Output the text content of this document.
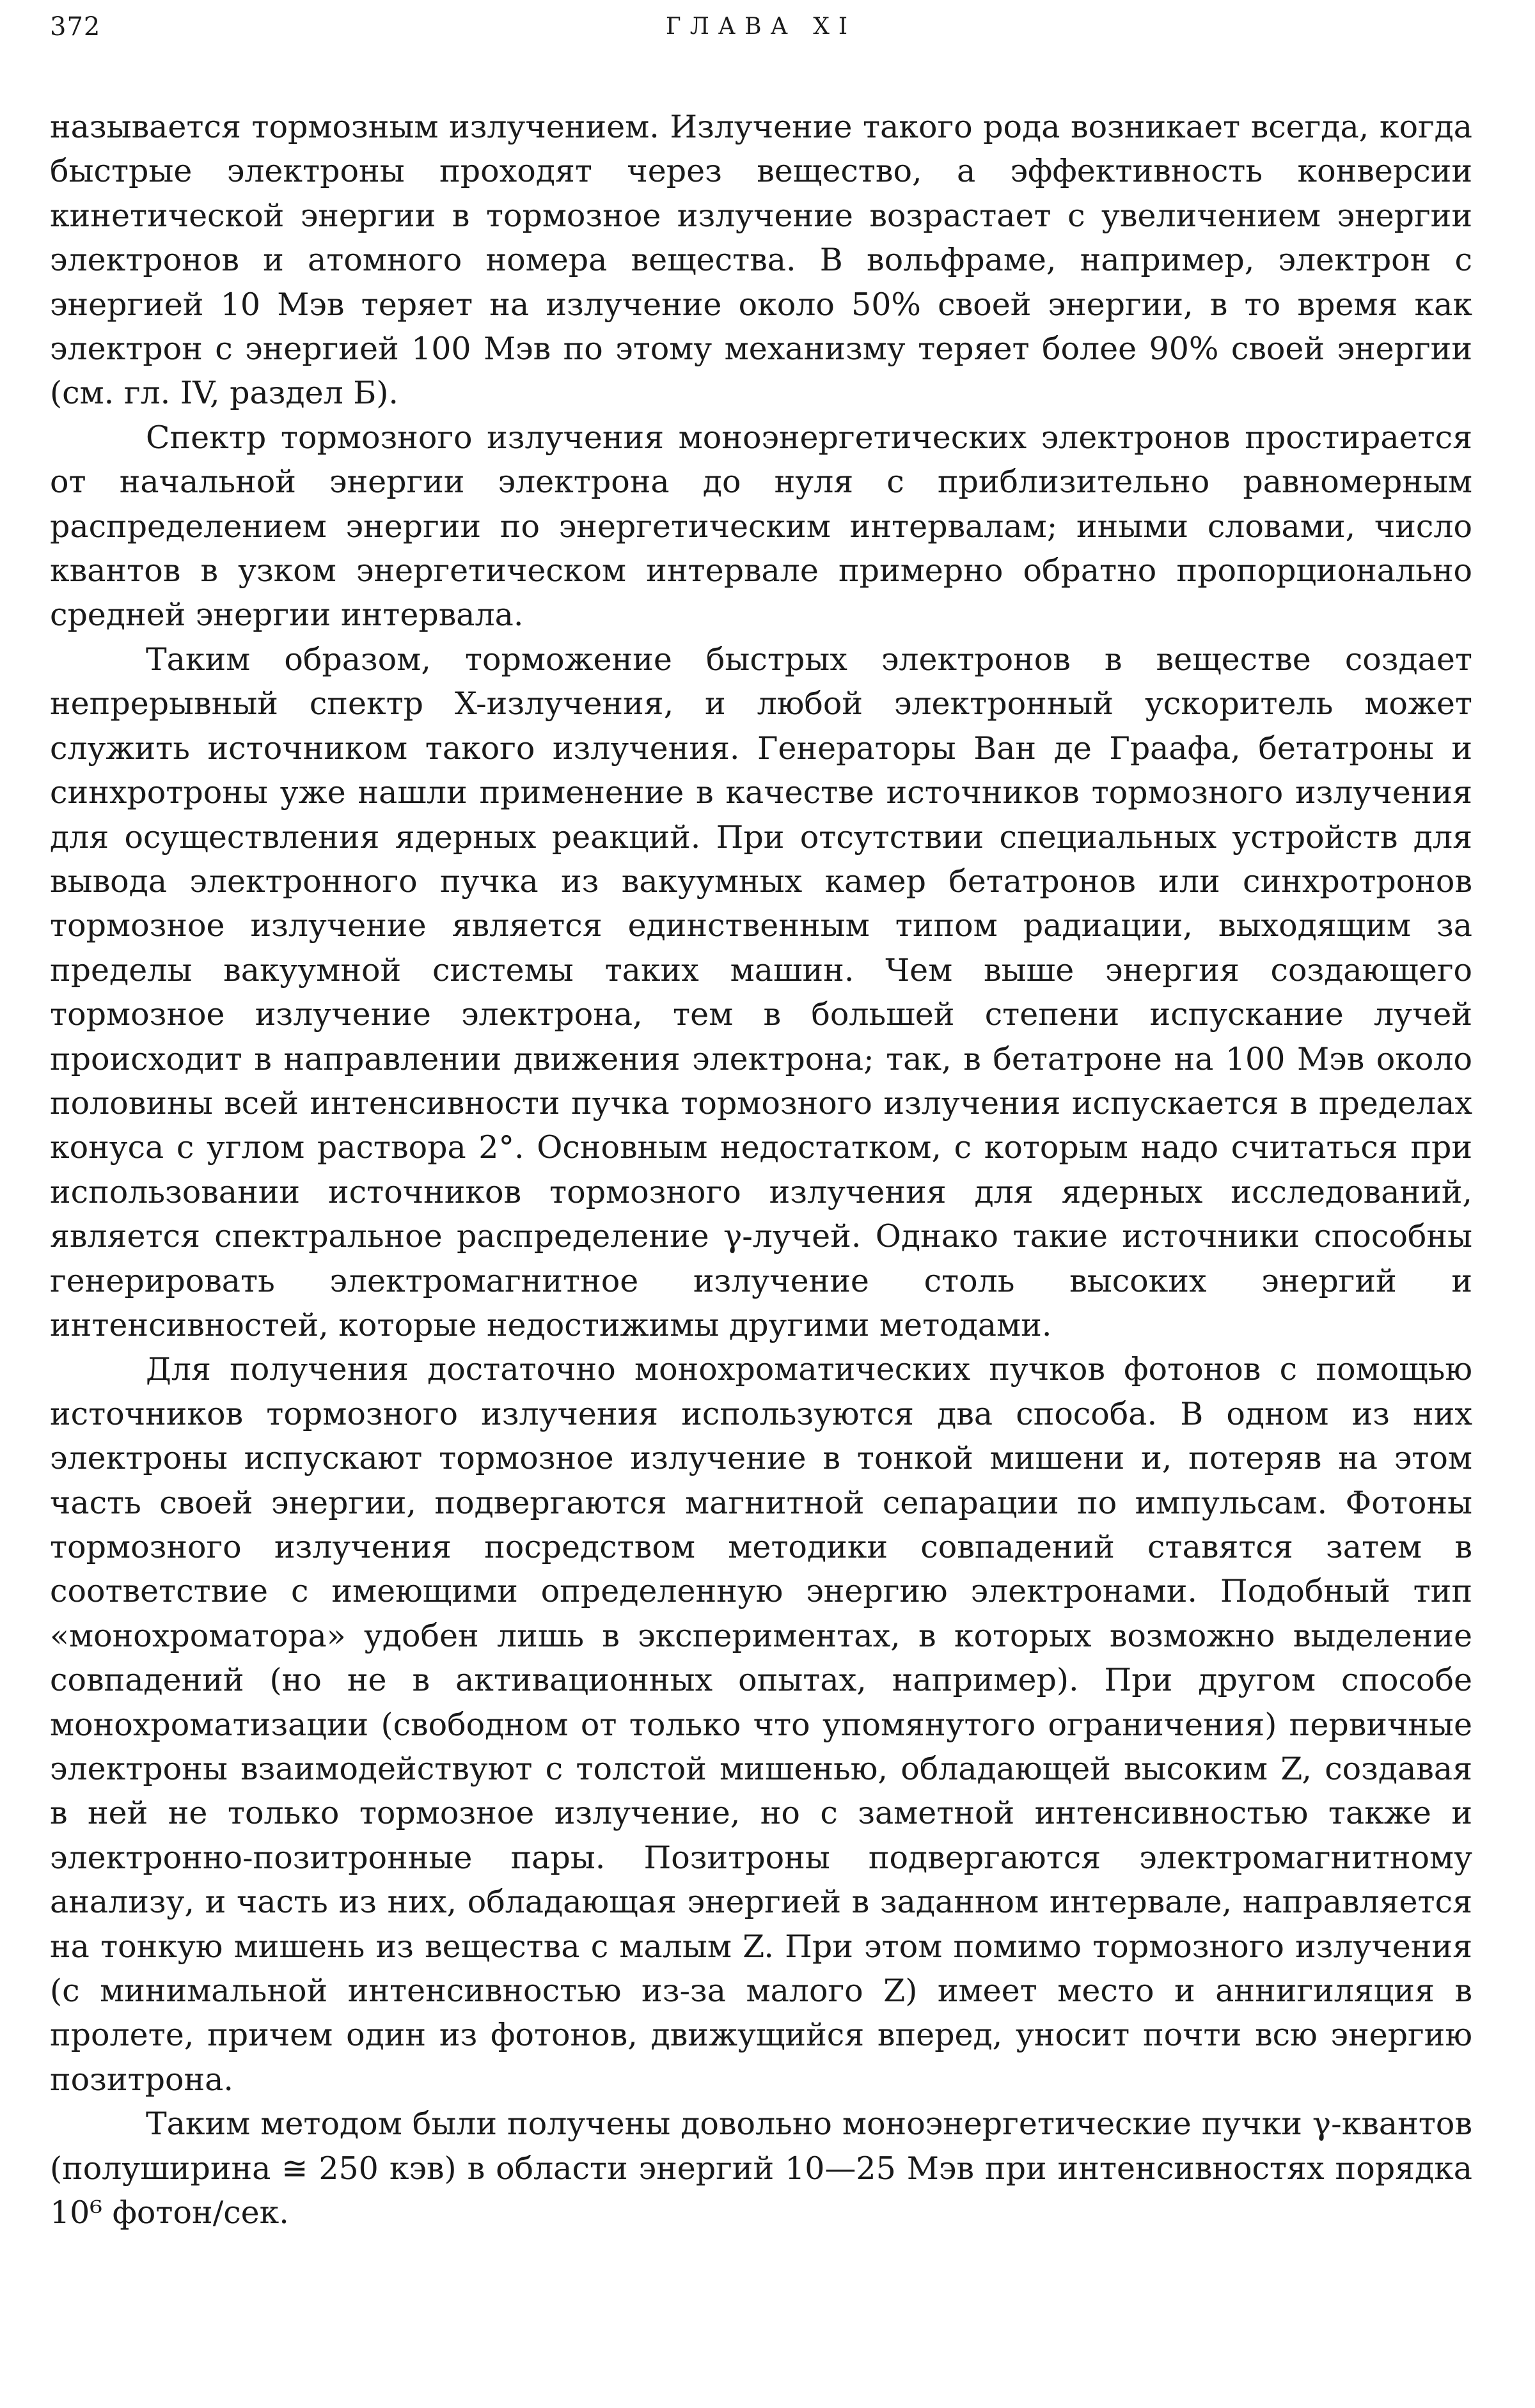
372	ГЛАВА XI

называется тормозным излучением. Излучение такого рода возникает всегда, когда быстрые электроны проходят через вещество, а эффективность конверсии кинетической энергии в тормозное излучение возрастает с увеличением энергии электронов и атомного номера вещества. В вольфраме, например, электрон с энергией 10 Мэв теряет на излучение около 50% своей энергии, в то время как электрон с энергией 100 Мэв по этому механизму теряет более 90% своей энергии (см. гл. IV, раздел Б).

Спектр тормозного излучения моноэнергетических электронов простирается от начальной энергии электрона до нуля с приблизительно равномерным распределением энергии по энергетическим интервалам; иными словами, число квантов в узком энергетическом интервале примерно обратно пропорционально средней энергии интервала.

Таким образом, торможение быстрых электронов в веществе создает непрерывный спектр X-излучения, и любой электронный ускоритель может служить источником такого излучения. Генераторы Ван де Граафа, бетатроны и синхротроны уже нашли применение в качестве источников тормозного излучения для осуществления ядерных реакций. При отсутствии специальных устройств для вывода электронного пучка из вакуумных камер бетатронов или синхротронов тормозное излучение является единственным типом радиации, выходящим за пределы вакуумной системы таких машин. Чем выше энергия создающего тормозное излучение электрона, тем в большей степени испускание лучей происходит в направлении движения электрона; так, в бетатроне на 100 Мэв около половины всей интенсивности пучка тормозного излучения испускается в пределах конуса с углом раствора 2°. Основным недостатком, с которым надо считаться при использовании источников тормозного излучения для ядерных исследований, является спектральное распределение γ-лучей. Однако такие источники способны генерировать электромагнитное излучение столь высоких энергий и интенсивностей, которые недостижимы другими методами.

Для получения достаточно монохроматических пучков фотонов с помощью источников тормозного излучения используются два способа. В одном из них электроны испускают тормозное излучение в тонкой мишени и, потеряв на этом часть своей энергии, подвергаются магнитной сепарации по импульсам. Фотоны тормозного излучения посредством методики совпадений ставятся затем в соответствие с имеющими определенную энергию электронами. Подобный тип «монохроматора» удобен лишь в экспериментах, в которых возможно выделение совпадений (но не в активационных опытах, например). При другом способе монохроматизации (свободном от только что упомянутого ограничения) первичные электроны взаимодействуют с толстой мишенью, обладающей высоким Z, создавая в ней не только тормозное излучение, но с заметной интенсивностью также и электронно-позитронные пары. Позитроны подвергаются электромагнитному анализу, и часть из них, обладающая энергией в заданном интервале, направляется на тонкую мишень из вещества с малым Z. При этом помимо тормозного излучения (с минимальной интенсивностью из-за малого Z) имеет место и аннигиляция в пролете, причем один из фотонов, движущийся вперед, уносит почти всю энергию позитрона.

Таким методом были получены довольно моноэнергетические пучки γ-квантов (полуширина ≅ 250 кэв) в области энергий 10—25 Мэв при интенсивностях порядка 10⁶ фотон/сек.
